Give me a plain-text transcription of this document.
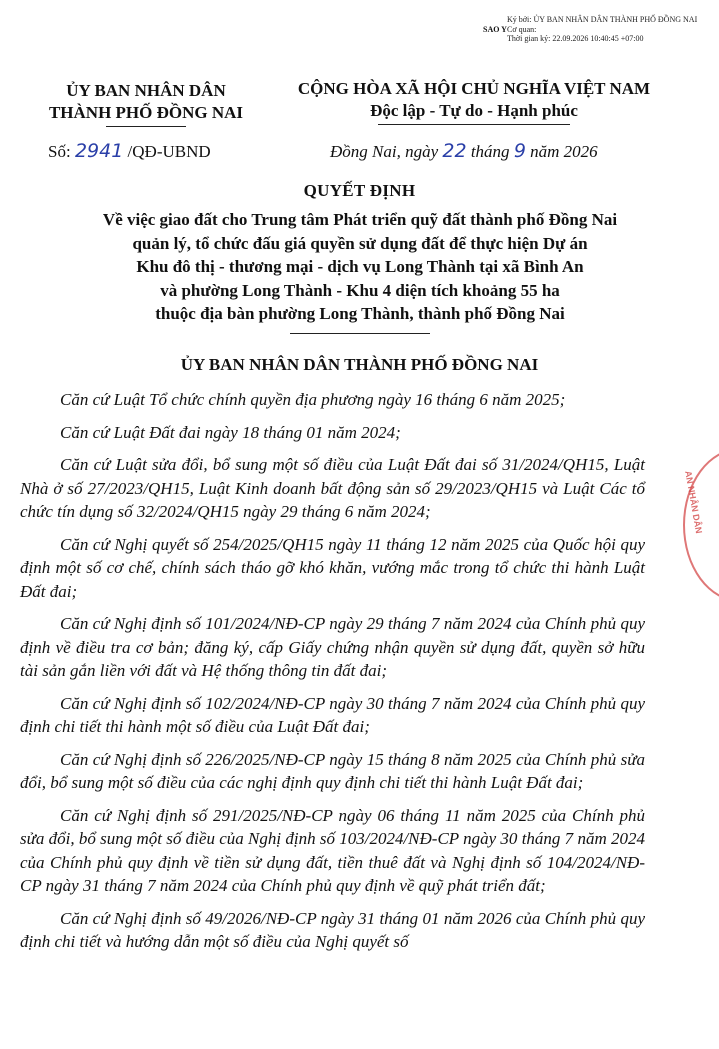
Ký bởi: ỦY BAN NHÂN DÂN THÀNH PHỐ ĐỒNG NAI
Cơ quan:
Thời gian ký: 22.09.2026 10:40:45 +07:00
SAO Y
ỦY BAN NHÂN DÂN
THÀNH PHỐ ĐỒNG NAI
CỘNG HÒA XÃ HỘI CHỦ NGHĨA VIỆT NAM
Độc lập - Tự do - Hạnh phúc
Số: 2941 /QĐ-UBND	Đồng Nai, ngày 22 tháng 9 năm 2026
QUYẾT ĐỊNH
Về việc giao đất cho Trung tâm Phát triển quỹ đất thành phố Đồng Nai
quản lý, tổ chức đấu giá quyền sử dụng đất để thực hiện Dự án
Khu đô thị - thương mại - dịch vụ Long Thành tại xã Bình An
và phường Long Thành - Khu 4 diện tích khoảng 55 ha
thuộc địa bàn phường Long Thành, thành phố Đồng Nai
ỦY BAN NHÂN DÂN THÀNH PHỐ ĐỒNG NAI

Căn cứ Luật Tổ chức chính quyền địa phương ngày 16 tháng 6 năm 2025;

Căn cứ Luật Đất đai ngày 18 tháng 01 năm 2024;

Căn cứ Luật sửa đổi, bổ sung một số điều của Luật Đất đai số 31/2024/QH15, Luật Nhà ở số 27/2023/QH15, Luật Kinh doanh bất động sản số 29/2023/QH15 và Luật Các tổ chức tín dụng số 32/2024/QH15 ngày 29 tháng 6 năm 2024;

Căn cứ Nghị quyết số 254/2025/QH15 ngày 11 tháng 12 năm 2025 của Quốc hội quy định một số cơ chế, chính sách tháo gỡ khó khăn, vướng mắc trong tổ chức thi hành Luật Đất đai;

Căn cứ Nghị định số 101/2024/NĐ-CP ngày 29 tháng 7 năm 2024 của Chính phủ quy định về điều tra cơ bản; đăng ký, cấp Giấy chứng nhận quyền sử dụng đất, quyền sở hữu tài sản gắn liền với đất và Hệ thống thông tin đất đai;

Căn cứ Nghị định số 102/2024/NĐ-CP ngày 30 tháng 7 năm 2024 của Chính phủ quy định chi tiết thi hành một số điều của Luật Đất đai;

Căn cứ Nghị định số 226/2025/NĐ-CP ngày 15 tháng 8 năm 2025 của Chính phủ sửa đổi, bổ sung một số điều của các nghị định quy định chi tiết thi hành Luật Đất đai;

Căn cứ Nghị định số 291/2025/NĐ-CP ngày 06 tháng 11 năm 2025 của Chính phủ sửa đổi, bổ sung một số điều của Nghị định số 103/2024/NĐ-CP ngày 30 tháng 7 năm 2024 của Chính phủ quy định về tiền sử dụng đất, tiền thuê đất và Nghị định số 104/2024/NĐ-CP ngày 31 tháng 7 năm 2024 của Chính phủ quy định về quỹ phát triển đất;

Căn cứ Nghị định số 49/2026/NĐ-CP ngày 31 tháng 01 năm 2026 của Chính phủ quy định chi tiết và hướng dẫn một số điều của Nghị quyết số

AN NHÂN DÂN
